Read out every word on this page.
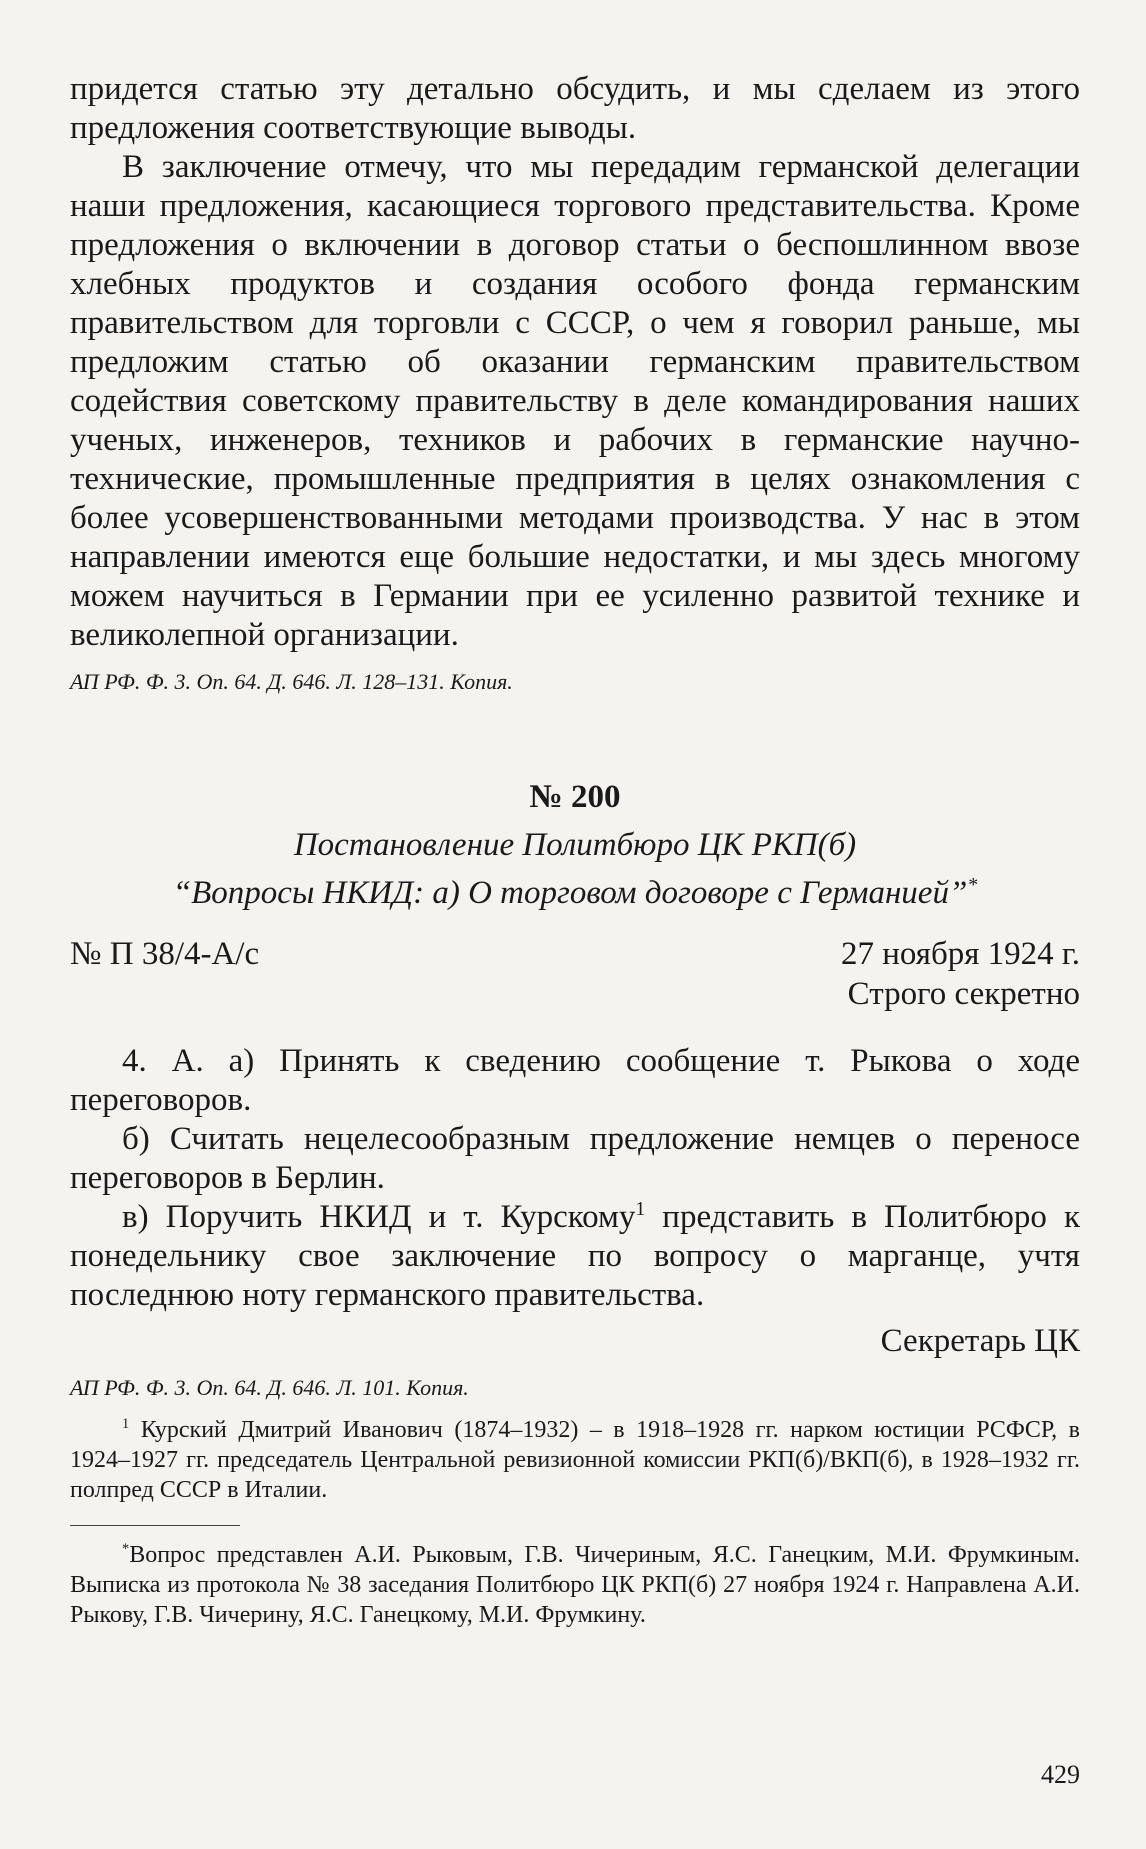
придется статью эту детально обсудить, и мы сделаем из этого предложения соответствующие выводы.

В заключение отмечу, что мы передадим германской делегации наши предложения, касающиеся торгового представительства. Кроме предложения о включении в договор статьи о беспошлинном ввозе хлебных продуктов и создания особого фонда германским правительством для торговли с СССР, о чем я говорил раньше, мы предложим статью об оказании германским правительством содействия советскому правительству в деле командирования наших ученых, инженеров, техников и рабочих в германские научно-технические, промышленные предприятия в целях ознакомления с более усовершенствованными методами производства. У нас в этом направлении имеются еще большие недостатки, и мы здесь многому можем научиться в Германии при ее усиленно развитой технике и великолепной организации.

АП РФ. Ф. 3. Оп. 64. Д. 646. Л. 128–131. Копия.

№ 200

Постановление Политбюро ЦК РКП(б)

“Вопросы НКИД: а) О торговом договоре с Германией”*

№ П 38/4-А/с	27 ноября 1924 г.

Строго секретно

4. А. а) Принять к сведению сообщение т. Рыкова о ходе переговоров.

б) Считать нецелесообразным предложение немцев о переносе переговоров в Берлин.

в) Поручить НКИД и т. Курскому$^1$ представить в Политбюро к понедельнику свое заключение по вопросу о марганце, учтя последнюю ноту германского правительства.

Секретарь ЦК

АП РФ. Ф. 3. Оп. 64. Д. 646. Л. 101. Копия.

$^1$ Курский Дмитрий Иванович (1874–1932) – в 1918–1928 гг. нарком юстиции РСФСР, в 1924–1927 гг. председатель Центральной ревизионной комиссии РКП(б)/ВКП(б), в 1928–1932 гг. полпред СССР в Италии.

*Вопрос представлен А.И. Рыковым, Г.В. Чичериным, Я.С. Ганецким, М.И. Фрумкиным. Выписка из протокола № 38 заседания Политбюро ЦК РКП(б) 27 ноября 1924 г. Направлена А.И. Рыкову, Г.В. Чичерину, Я.С. Ганецкому, М.И. Фрумкину.

429
